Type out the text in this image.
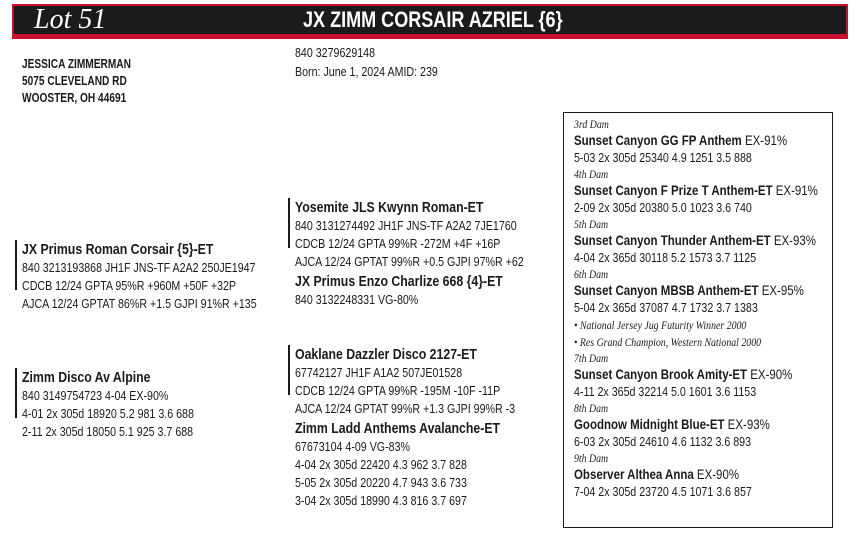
Lot 51	JX ZIMM CORSAIR AZRIEL {6}
JESSICA ZIMMERMAN
5075 CLEVELAND RD
WOOSTER, OH 44691
840 3279629148
Born: June 1, 2024 AMID: 239
JX Primus Roman Corsair {5}-ET
840 3213193868 JH1F JNS-TF A2A2 250JE1947
CDCB 12/24 GPTA 95%R +960M +50F +32P
AJCA 12/24 GPTAT 86%R +1.5 GJPI 91%R +135
Zimm Disco Av Alpine
840 3149754723 4-04 EX-90%
4-01 2x 305d 18920 5.2 981 3.6 688
2-11 2x 305d 18050 5.1 925 3.7 688
Yosemite JLS Kwynn Roman-ET
840 3131274492 JH1F JNS-TF A2A2 7JE1760
CDCB 12/24 GPTA 99%R -272M +4F +16P
AJCA 12/24 GPTAT 99%R +0.5 GJPI 97%R +62
JX Primus Enzo Charlize 668 {4}-ET
840 3132248331 VG-80%
Oaklane Dazzler Disco 2127-ET
67742127 JH1F A1A2 507JE01528
CDCB 12/24 GPTA 99%R -195M -10F -11P
AJCA 12/24 GPTAT 99%R +1.3 GJPI 99%R -3
Zimm Ladd Anthems Avalanche-ET
67673104 4-09 VG-83%
4-04 2x 305d 22420 4.3 962 3.7 828
5-05 2x 305d 20220 4.7 943 3.6 733
3-04 2x 305d 18990 4.3 816 3.7 697
3rd Dam
Sunset Canyon GG FP Anthem EX-91%
5-03 2x 305d 25340 4.9 1251 3.5 888
4th Dam
Sunset Canyon F Prize T Anthem-ET EX-91%
2-09 2x 305d 20380 5.0 1023 3.6 740
5th Dam
Sunset Canyon Thunder Anthem-ET EX-93%
4-04 2x 365d 30118 5.2 1573 3.7 1125
6th Dam
Sunset Canyon MBSB Anthem-ET EX-95%
5-04 2x 365d 37087 4.7 1732 3.7 1383
• National Jersey Jug Futurity Winner 2000
• Res Grand Champion, Western National 2000
7th Dam
Sunset Canyon Brook Amity-ET EX-90%
4-11 2x 365d 32214 5.0 1601 3.6 1153
8th Dam
Goodnow Midnight Blue-ET EX-93%
6-03 2x 305d 24610 4.6 1132 3.6 893
9th Dam
Observer Althea Anna EX-90%
7-04 2x 305d 23720 4.5 1071 3.6 857
